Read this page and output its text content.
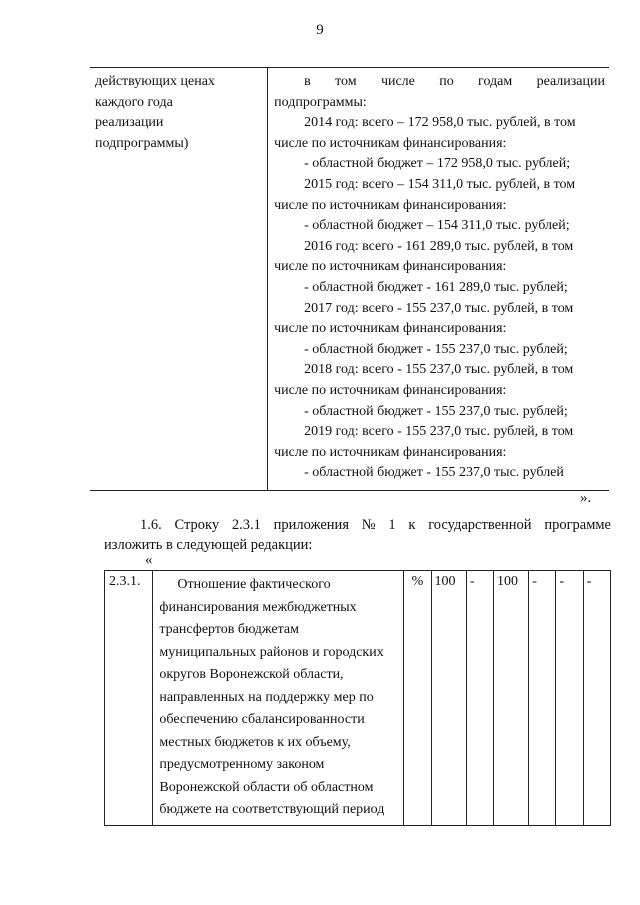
9
действующих ценах
каждого года
реализации
подпрограммы)

в том числе по годам реализации
подпрограммы:
2014 год: всего – 172 958,0 тыс. рублей, в том
числе по источникам финансирования:
- областной бюджет – 172 958,0 тыс. рублей;
2015 год: всего – 154 311,0 тыс. рублей, в том
числе по источникам финансирования:
- областной бюджет – 154 311,0 тыс. рублей;
2016 год: всего - 161 289,0 тыс. рублей, в том
числе по источникам финансирования:
- областной бюджет - 161 289,0 тыс. рублей;
2017 год: всего - 155 237,0 тыс. рублей, в том
числе по источникам финансирования:
- областной бюджет - 155 237,0 тыс. рублей;
2018 год: всего - 155 237,0 тыс. рублей, в том
числе по источникам финансирования:
- областной бюджет - 155 237,0 тыс. рублей;
2019 год: всего - 155 237,0 тыс. рублей, в том
числе по источникам финансирования:
- областной бюджет - 155 237,0 тыс. рублей
».
1.6. Строку 2.3.1 приложения № 1 к государственной программе
изложить в следующей редакции:
«
2.3.1.	Отношение фактического
финансирования межбюджетных
трансфертов бюджетам
муниципальных районов и городских
округов Воронежской области,
направленных на поддержку мер по
обеспечению сбалансированности
местных бюджетов к их объему,
предусмотренному законом
Воронежской области об областном
бюджете на соответствующий период
	%	100	-	100	-	-	-
